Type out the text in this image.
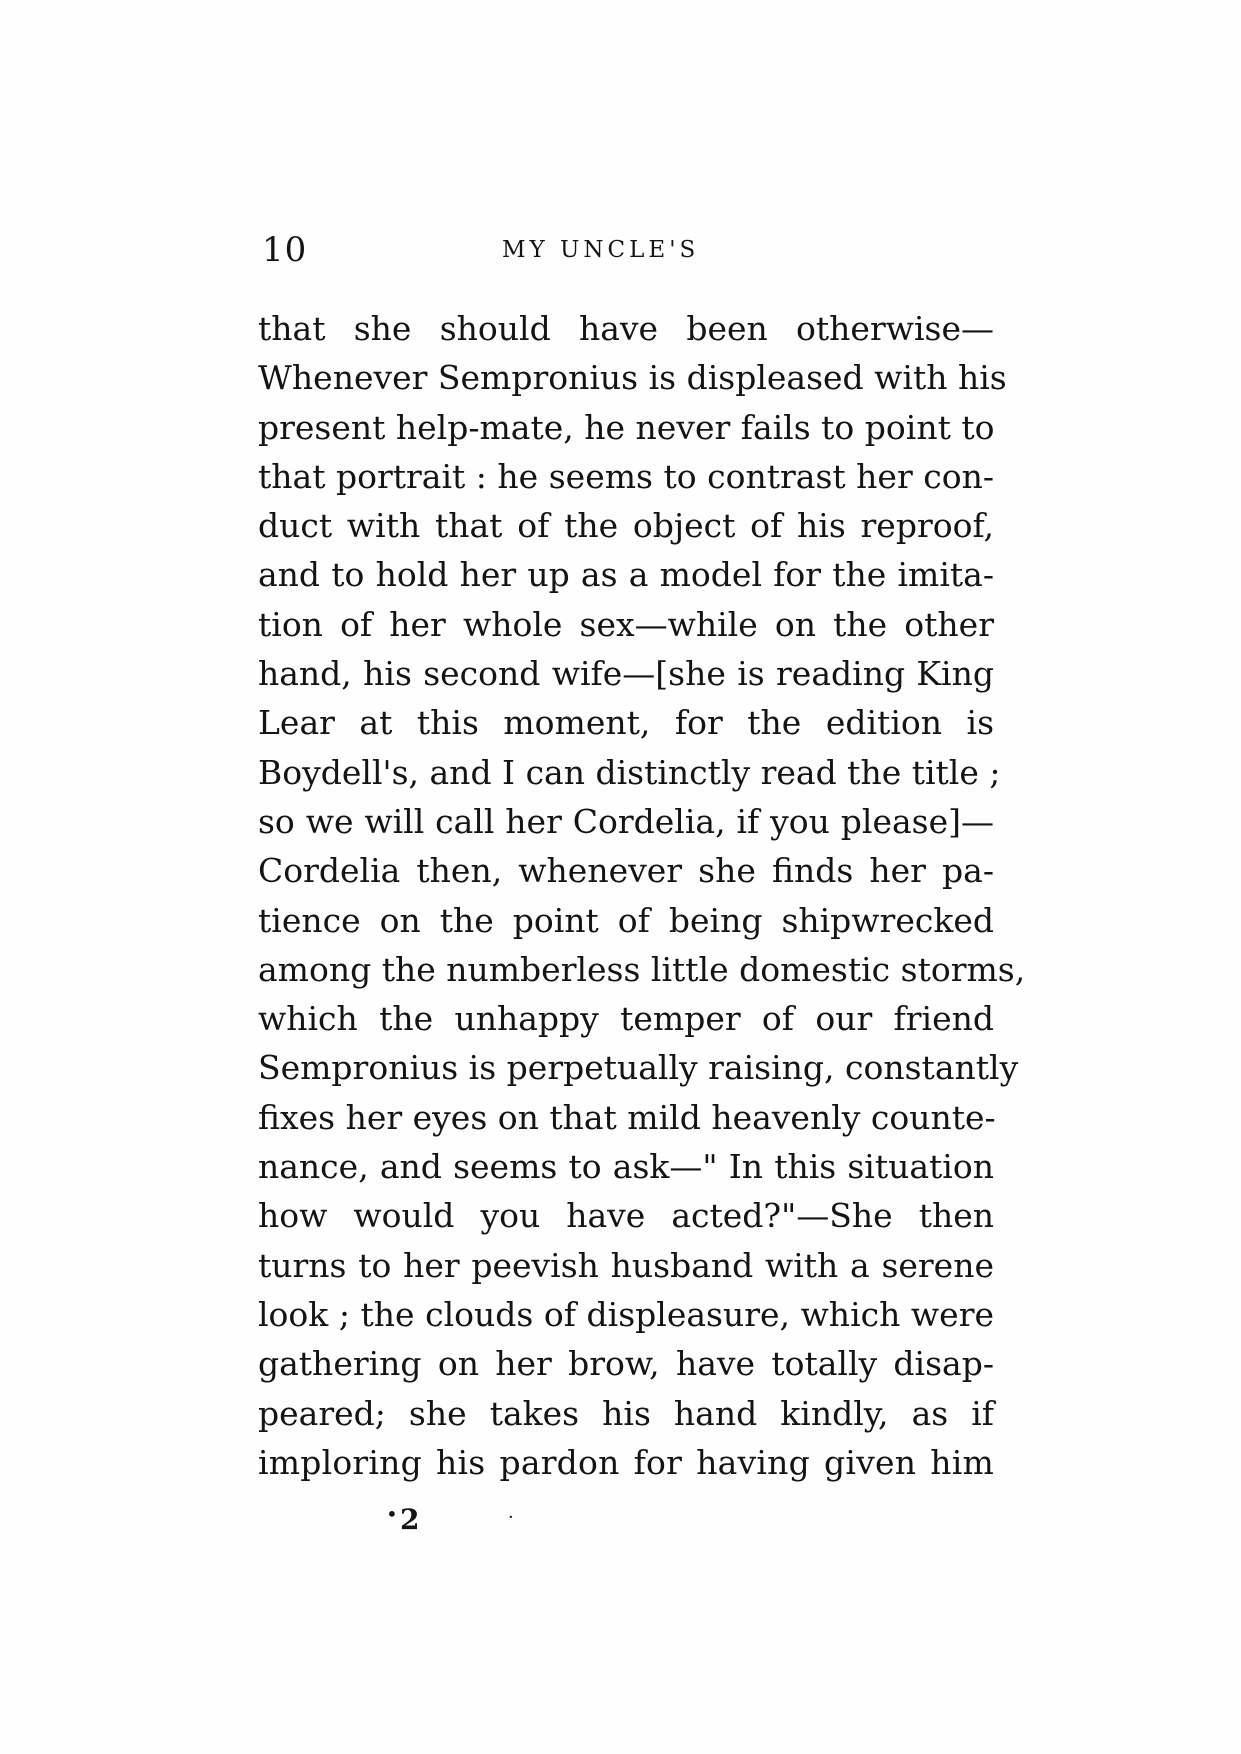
10	MY UNCLE'S
that she should have been otherwise—
Whenever Sempronius is displeased with his
present help-mate, he never fails to point to
that portrait : he seems to contrast her con-
duct with that of the object of his reproof,
and to hold her up as a model for the imita-
tion of her whole sex—while on the other
hand, his second wife—[she is reading King
Lear at this moment, for the edition is
Boydell's, and I can distinctly read the title ;
so we will call her Cordelia, if you please]—
Cordelia then, whenever she finds her pa-
tience on the point of being shipwrecked
among the numberless little domestic storms,
which the unhappy temper of our friend
Sempronius is perpetually raising, constantly
fixes her eyes on that mild heavenly counte-
nance, and seems to ask—" In this situation
how would you have acted?"—She then
turns to her peevish husband with a serene
look ; the clouds of displeasure, which were
gathering on her brow, have totally disap-
peared; she takes his hand kindly, as if
imploring his pardon for having given him
• 2	·
